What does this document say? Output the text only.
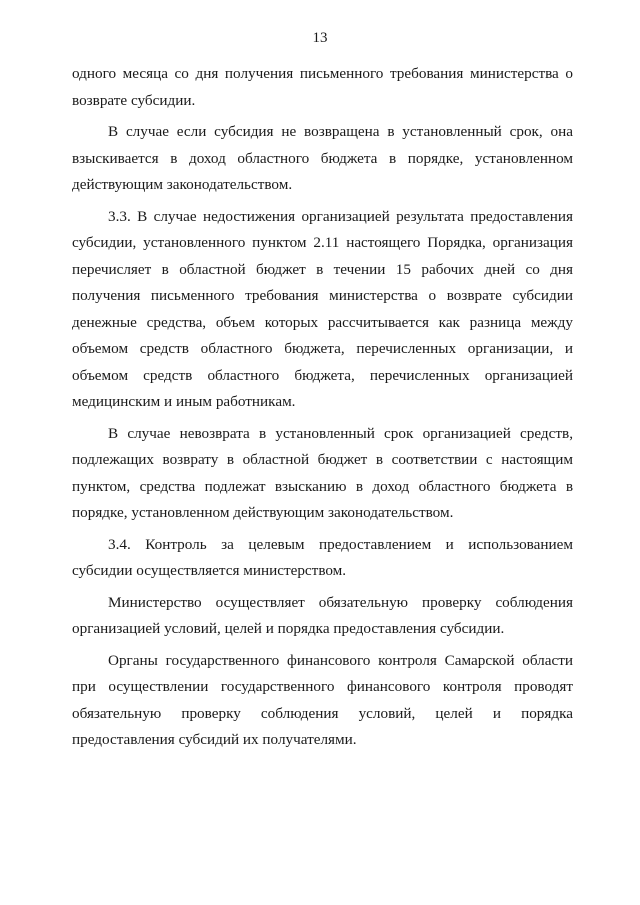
13

одного месяца со дня получения письменного требования министерства о возврате субсидии.

В случае если субсидия не возвращена в установленный срок, она взыскивается в доход областного бюджета в порядке, установленном действующим законодательством.

3.3. В случае недостижения организацией результата предоставления субсидии, установленного пунктом 2.11 настоящего Порядка, организация перечисляет в областной бюджет в течении 15 рабочих дней со дня получения письменного требования министерства о возврате субсидии денежные средства, объем которых рассчитывается как разница между объемом средств областного бюджета, перечисленных организации, и объемом средств областного бюджета, перечисленных организацией медицинским и иным работникам.

В случае невозврата в установленный срок организацией средств, подлежащих возврату в областной бюджет в соответствии с настоящим пунктом, средства подлежат взысканию в доход областного бюджета в порядке, установленном действующим законодательством.

3.4. Контроль за целевым предоставлением и использованием субсидии осуществляется министерством.

Министерство осуществляет обязательную проверку соблюдения организацией условий, целей и порядка предоставления субсидии.

Органы государственного финансового контроля Самарской области при осуществлении государственного финансового контроля проводят обязательную проверку соблюдения условий, целей и порядка предоставления субсидий их получателями.
